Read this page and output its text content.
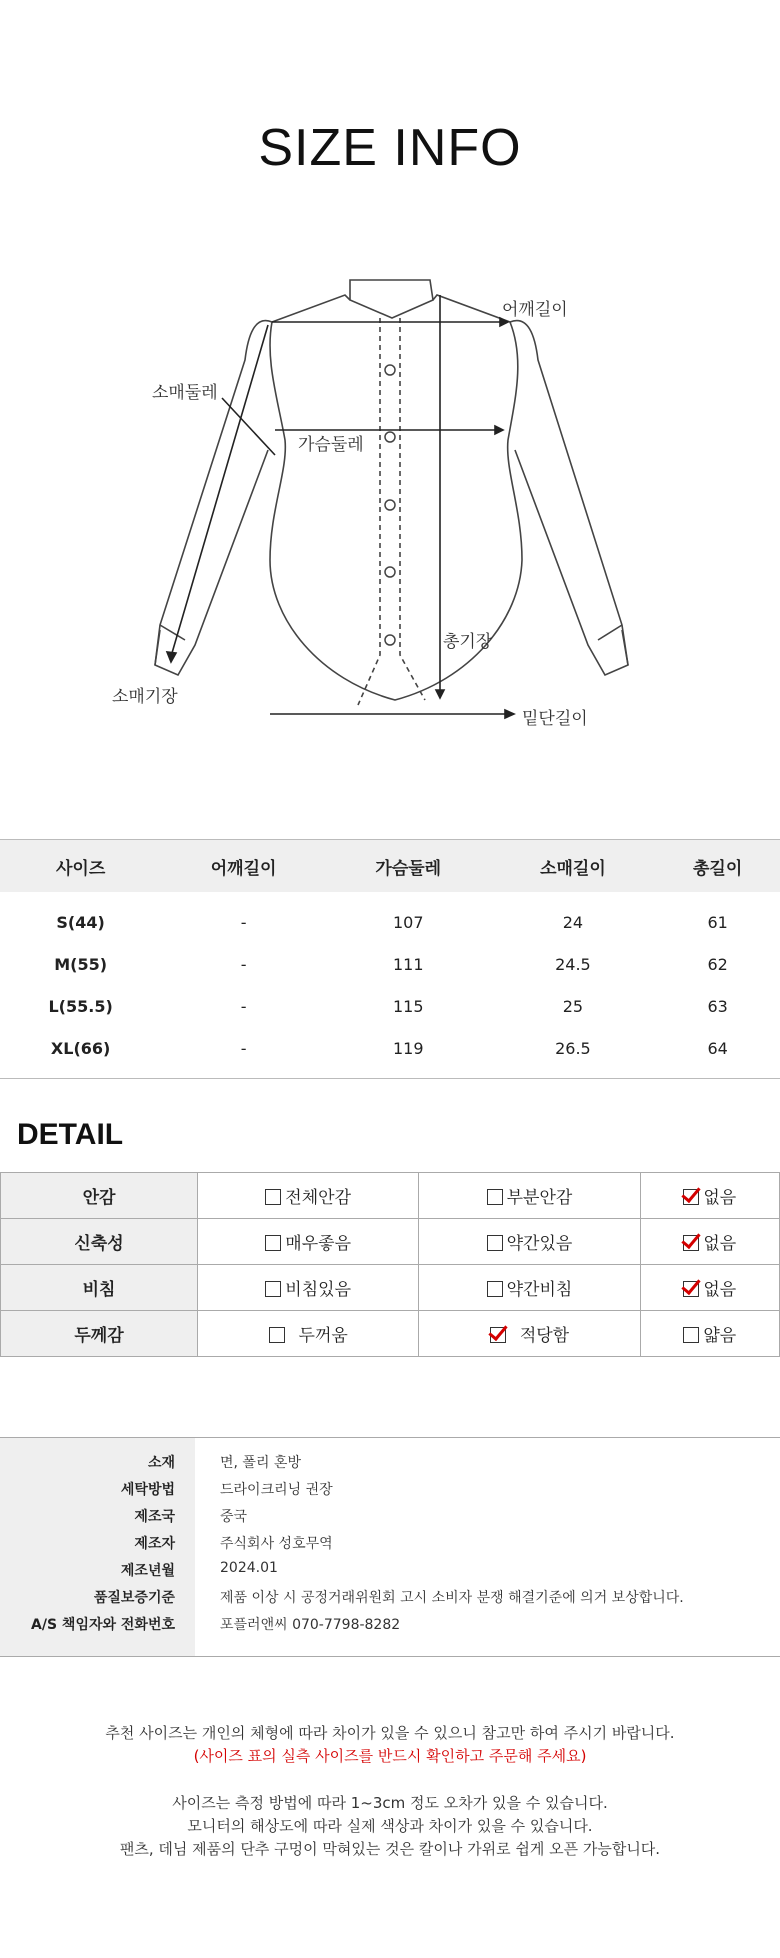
SIZE INFO
어깨길이
소매둘레
가슴둘레
총기장
소매기장
밑단길이
사이즈	어깨길이	가슴둘레	소매길이	총길이
S(44)	-	107	24	61
M(55)	-	111	24.5	62
L(55.5)	-	115	25	63
XL(66)	-	119	26.5	64
DETAIL
안감	전체안감	부분안감	없음
신축성	매우좋음	약간있음	없음
비침	비침있음	약간비침	없음
두께감	두꺼움	적당함	얇음
소재	면, 폴리 혼방
세탁방법	드라이크리닝 권장
제조국	중국
제조자	주식회사 성호무역
제조년월	2024.01
품질보증기준	제품 이상 시 공정거래위원회 고시 소비자 분쟁 해결기준에 의거 보상합니다.
A/S 책임자와 전화번호	포플러앤씨 070-7798-8282
추천 사이즈는 개인의 체형에 따라 차이가 있을 수 있으니 참고만 하여 주시기 바랍니다.
(사이즈 표의 실측 사이즈를 반드시 확인하고 주문해 주세요)
사이즈는 측정 방법에 따라 1~3cm 정도 오차가 있을 수 있습니다.
모니터의 해상도에 따라 실제 색상과 차이가 있을 수 있습니다.
팬츠, 데님 제품의 단추 구멍이 막혀있는 것은 칼이나 가위로 쉽게 오픈 가능합니다.
